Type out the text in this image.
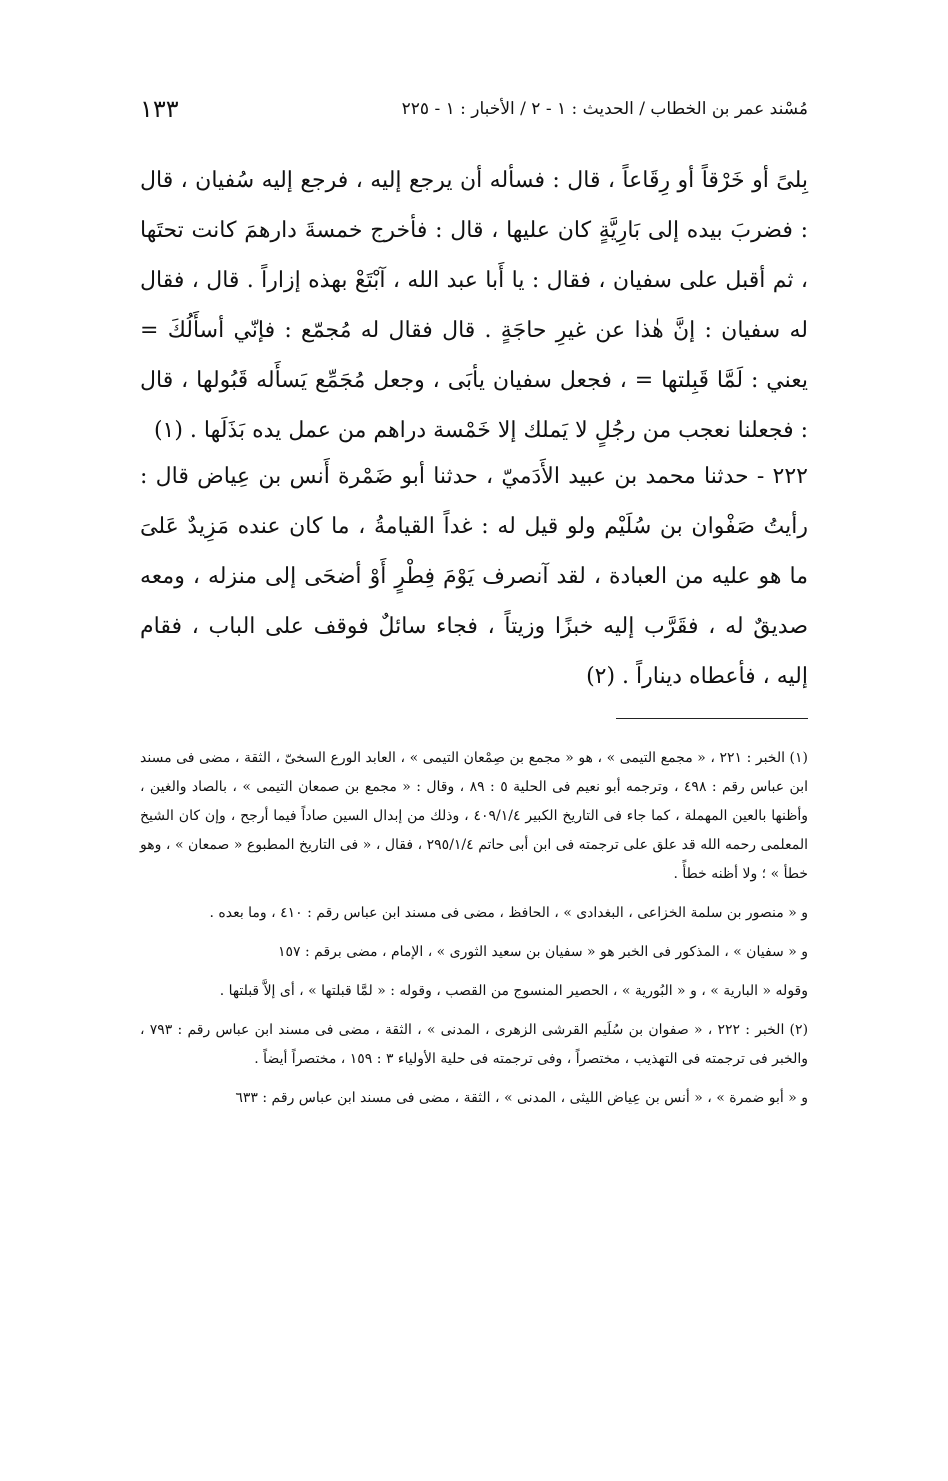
مُسْند عمر بن الخطاب / الحديث : ١ - ٢ / الأخبار : ١ - ٢٢٥
١٣٣
بِلىً أو خَرْقاً أو رِقَاعاً ، قال : فسأله أن يرجع إليه ، فرجع إليه سُفيان ، قال : فضربَ بيده إلى بَارِيَّةٍ كان عليها ، قال : فأخرج خمسةَ دارهمَ كانت تحتَها ، ثم أقبل على سفيان ، فقال : يا أَبا عبد الله ، آبْتَعْ بهذه إزاراً . قال ، فقال له سفيان : إنَّ هٰذا عن غيرِ حاجَةٍ . قال فقال له مُجمّع : فإنّي أسأَلُكَ = يعني : لَمَّا قَبِلتها = ، فجعل سفيان يأبَى ، وجعل مُجَمِّع يَسأَله قَبُولها ، قال : فجعلنا نعجب من رجُلٍ لا يَملك إلا خَمْسة دراهم من عمل يده بَذَلَها . (١)
٢٢٢ - حدثنا محمد بن عبيد الأَدَميّ ، حدثنا أبو ضَمْرة أَنس بن عِياض قال : رأيتُ صَفْوان بن سُلَيْم ولو قيل له : غداً القيامةُ ، ما كان عنده مَزِيدٌ عَلىَ ما هو عليه من العبادة ، لقد آنصرف يَوْمَ فِطْرٍ أَوْ أضحَى إلى منزله ، ومعه صديقٌ له ، فقَرَّب إليه خبزًا وزيتاً ، فجاء سائلٌ فوقف على الباب ، فقام إليه ، فأعطاه ديناراً . (٢)

(١) الخبر : ٢٢١ ، « مجمع التيمى » ، هو « مجمع بن صِمْعان التيمى » ، العابد الورع السخىّ ، الثقة ، مضى فى مسند ابن عباس رقم : ٤٩٨ ، وترجمه أبو نعيم فى الحلية ٥ : ٨٩ ، وقال : « مجمع بن صمعان التيمى » ، بالصاد والغين ، وأظنها بالعين المهملة ، كما جاء فى التاريخ الكبير ٤٠٩/١/٤ ، وذلك من إبدال السين صاداً فيما أرجح ، وإن كان الشيخ المعلمى رحمه الله قد علق على ترجمته فى ابن أبى حاتم ٢٩٥/١/٤ ، فقال ، « فى التاريخ المطبوع « صمعان » ، وهو خطأ » ؛ ولا أظنه خطأً .

و « منصور بن سلمة الخزاعى ، البغدادى » ، الحافظ ، مضى فى مسند ابن عباس رقم : ٤١٠ ، وما بعده .

و « سفيان » ، المذكور فى الخبر هو « سفيان بن سعيد الثورى » ، الإمام ، مضى برقم : ١٥٧

وقوله « البارية » ، و « البُورية » ، الحصير المنسوج من القصب ، وقوله : « لمَّا قبلتها » ، أى إلاَّ قبلتها .

(٢) الخبر : ٢٢٢ ، « صفوان بن سُلَيم القرشى الزهرى ، المدنى » ، الثقة ، مضى فى مسند ابن عباس رقم : ٧٩٣ ، والخبر فى ترجمته فى التهذيب ، مختصراً ، وفى ترجمته فى حلية الأولياء ٣ : ١٥٩ ، مختصراً أيضاً .

و « أبو ضمرة » ، « أنس بن عِياض الليثى ، المدنى » ، الثقة ، مضى فى مسند ابن عباس رقم : ٦٣٣
